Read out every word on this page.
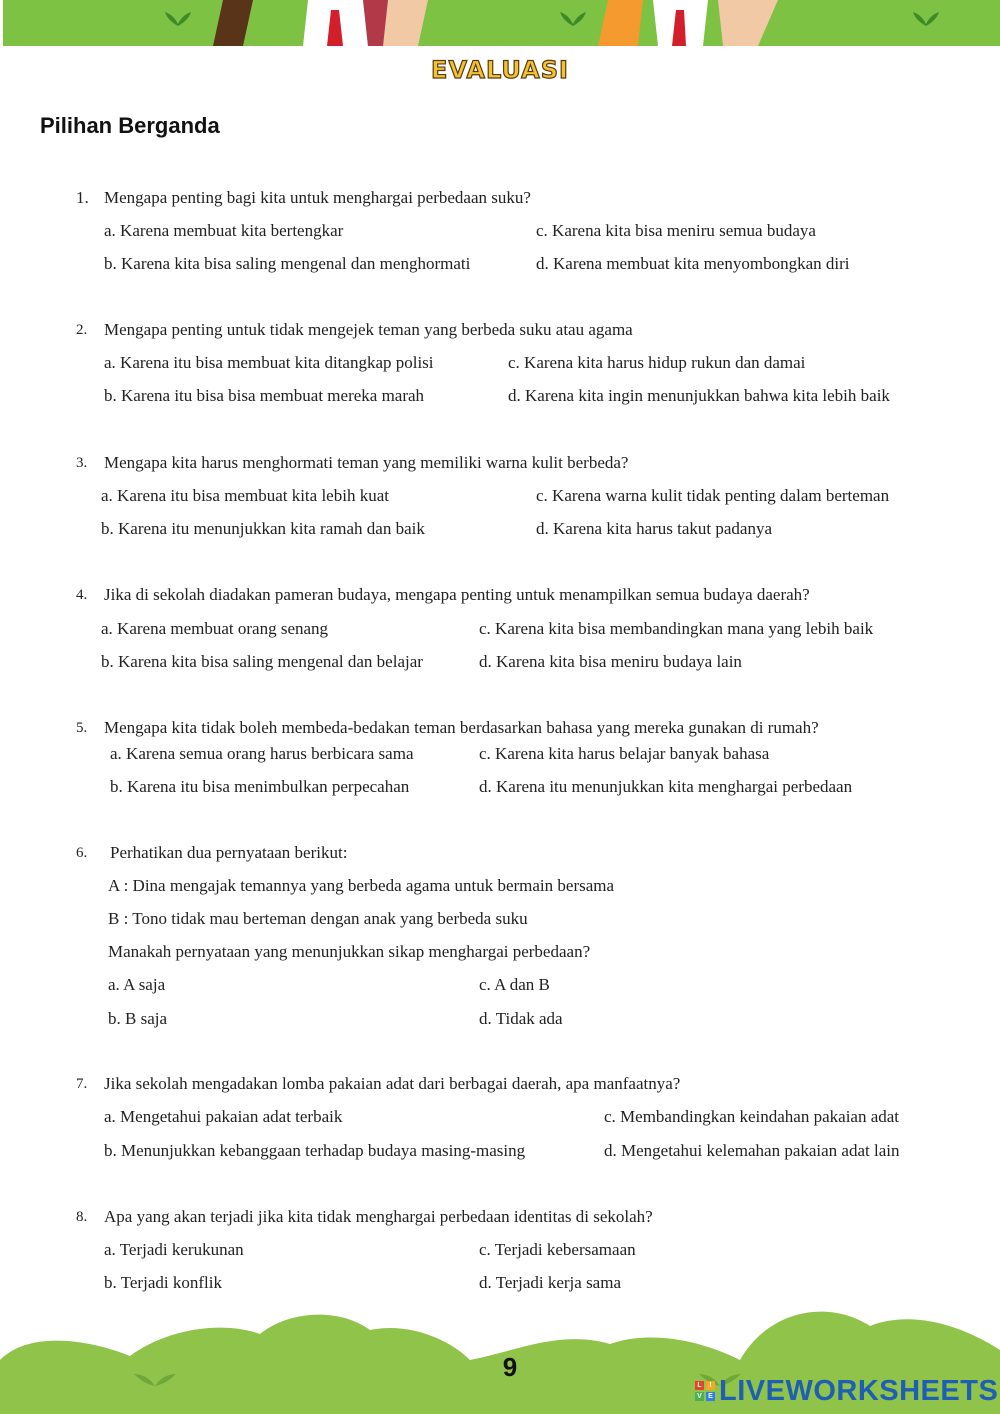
EVALUASI
Pilihan Berganda
1. Mengapa penting bagi kita untuk menghargai perbedaan suku?
a. Karena membuat kita bertengkar	c. Karena kita bisa meniru semua budaya
b. Karena kita bisa saling mengenal dan menghormati	d. Karena membuat kita menyombongkan diri
2. Mengapa penting untuk tidak mengejek teman yang berbeda suku atau agama
a. Karena itu bisa membuat kita ditangkap polisi	c. Karena kita harus hidup rukun dan damai
b. Karena itu bisa bisa membuat mereka marah	d. Karena kita ingin menunjukkan bahwa kita lebih baik
3. Mengapa kita harus menghormati teman yang memiliki warna kulit berbeda?
a. Karena itu bisa membuat kita lebih kuat	c. Karena warna kulit tidak penting dalam berteman
b. Karena itu menunjukkan kita ramah dan baik	d. Karena kita harus takut padanya
4. Jika di sekolah diadakan pameran budaya, mengapa penting untuk menampilkan semua budaya daerah?
a. Karena membuat orang senang	c. Karena kita bisa membandingkan mana yang lebih baik
b. Karena kita bisa saling mengenal dan belajar	d. Karena kita bisa meniru budaya lain
5. Mengapa kita tidak boleh membeda-bedakan teman berdasarkan bahasa yang mereka gunakan di rumah?
a. Karena semua orang harus berbicara sama	c. Karena kita harus belajar banyak bahasa
b. Karena itu bisa menimbulkan perpecahan	d. Karena itu menunjukkan kita menghargai perbedaan
6. Perhatikan dua pernyataan berikut:
A : Dina mengajak temannya yang berbeda agama untuk bermain bersama
B : Tono tidak mau berteman dengan anak yang berbeda suku
Manakah pernyataan yang menunjukkan sikap menghargai perbedaan?
a. A saja	c. A dan B
b. B saja	d. Tidak ada
7. Jika sekolah mengadakan lomba pakaian adat dari berbagai daerah, apa manfaatnya?
a. Mengetahui pakaian adat terbaik	c. Membandingkan keindahan pakaian adat
b. Menunjukkan kebanggaan terhadap budaya masing-masing	d. Mengetahui kelemahan pakaian adat lain
8. Apa yang akan terjadi jika kita tidak menghargai perbedaan identitas di sekolah?
a. Terjadi kerukunan	c. Terjadi kebersamaan
b. Terjadi konflik	d. Terjadi kerja sama
9
L	I
V E LIVEWORKSHEETS
